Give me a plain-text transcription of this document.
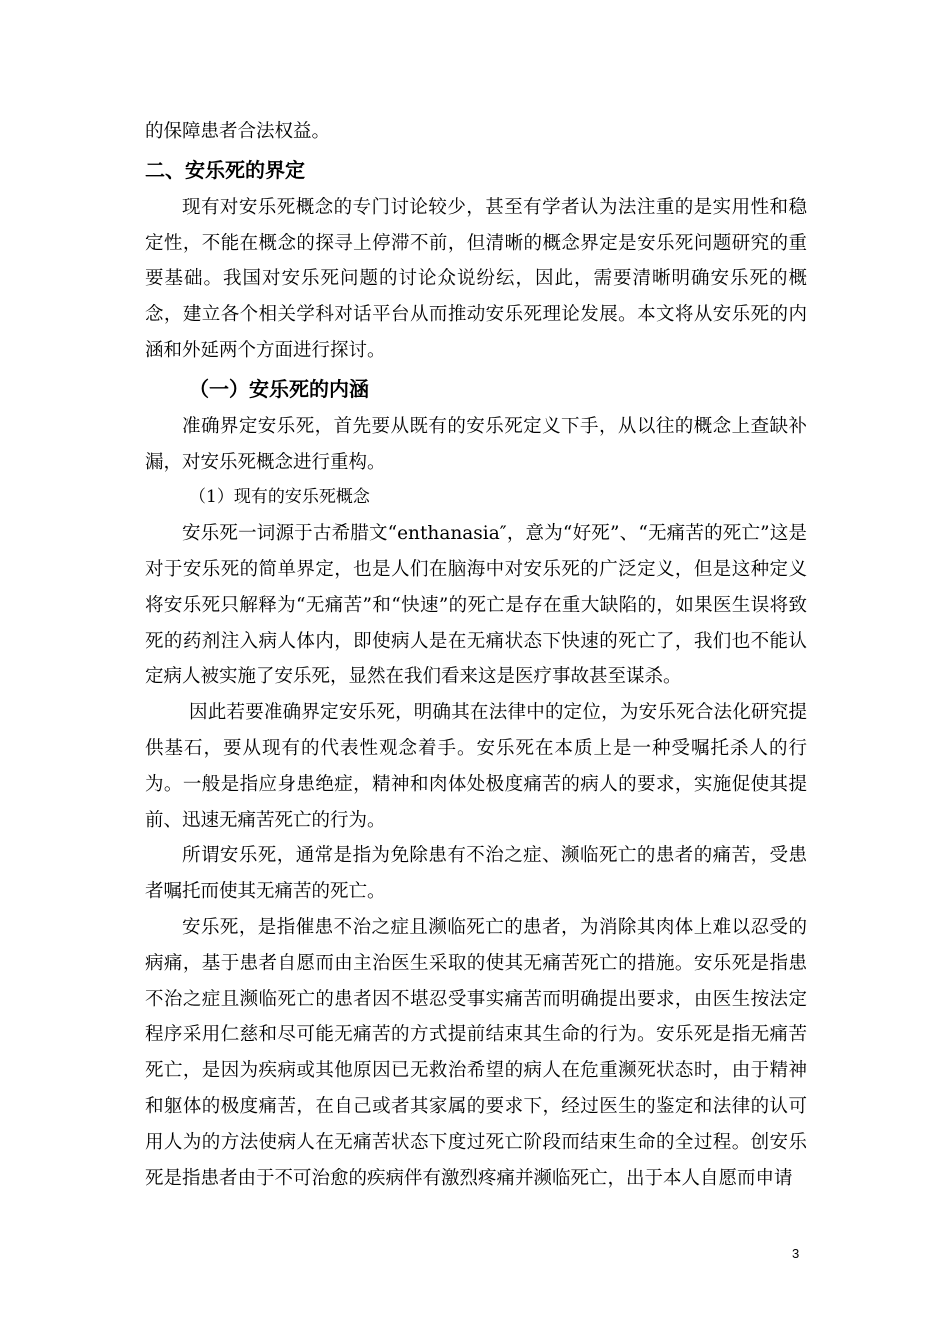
的保障患者合法权益。

二、安乐死的界定

现有对安乐死概念的专门讨论较少，甚至有学者认为法注重的是实用性和稳定性，不能在概念的探寻上停滞不前，但清晰的概念界定是安乐死问题研究的重要基础。我国对安乐死问题的讨论众说纷纭，因此，需要清晰明确安乐死的概念，建立各个相关学科对话平台从而推动安乐死理论发展。本文将从安乐死的内涵和外延两个方面进行探讨。

（一）安乐死的内涵

准确界定安乐死，首先要从既有的安乐死定义下手，从以往的概念上查缺补漏，对安乐死概念进行重构。

（1）现有的安乐死概念

安乐死一词源于古希腊文“enthanasia″，意为“好死”、“无痛苦的死亡”这是对于安乐死的简单界定，也是人们在脑海中对安乐死的广泛定义，但是这种定义将安乐死只解释为“无痛苦”和“快速”的死亡是存在重大缺陷的，如果医生误将致死的药剂注入病人体内，即使病人是在无痛状态下快速的死亡了，我们也不能认定病人被实施了安乐死，显然在我们看来这是医疗事故甚至谋杀。

因此若要准确界定安乐死，明确其在法律中的定位，为安乐死合法化研究提供基石，要从现有的代表性观念着手。安乐死在本质上是一种受嘱托杀人的行为。一般是指应身患绝症，精神和肉体处极度痛苦的病人的要求，实施促使其提前、迅速无痛苦死亡的行为。

所谓安乐死，通常是指为免除患有不治之症、濒临死亡的患者的痛苦，受患者嘱托而使其无痛苦的死亡。

安乐死，是指催患不治之症且濒临死亡的患者，为消除其肉体上难以忍受的病痛，基于患者自愿而由主治医生采取的使其无痛苦死亡的措施。安乐死是指患不治之症且濒临死亡的患者因不堪忍受事实痛苦而明确提出要求，由医生按法定程序采用仁慈和尽可能无痛苦的方式提前结束其生命的行为。安乐死是指无痛苦死亡，是因为疾病或其他原因已无救治希望的病人在危重濒死状态时，由于精神和躯体的极度痛苦，在自己或者其家属的要求下，经过医生的鉴定和法律的认可用人为的方法使病人在无痛苦状态下度过死亡阶段而结束生命的全过程。创安乐死是指患者由于不可治愈的疾病伴有激烈疼痛并濒临死亡，出于本人自愿而申请

3
